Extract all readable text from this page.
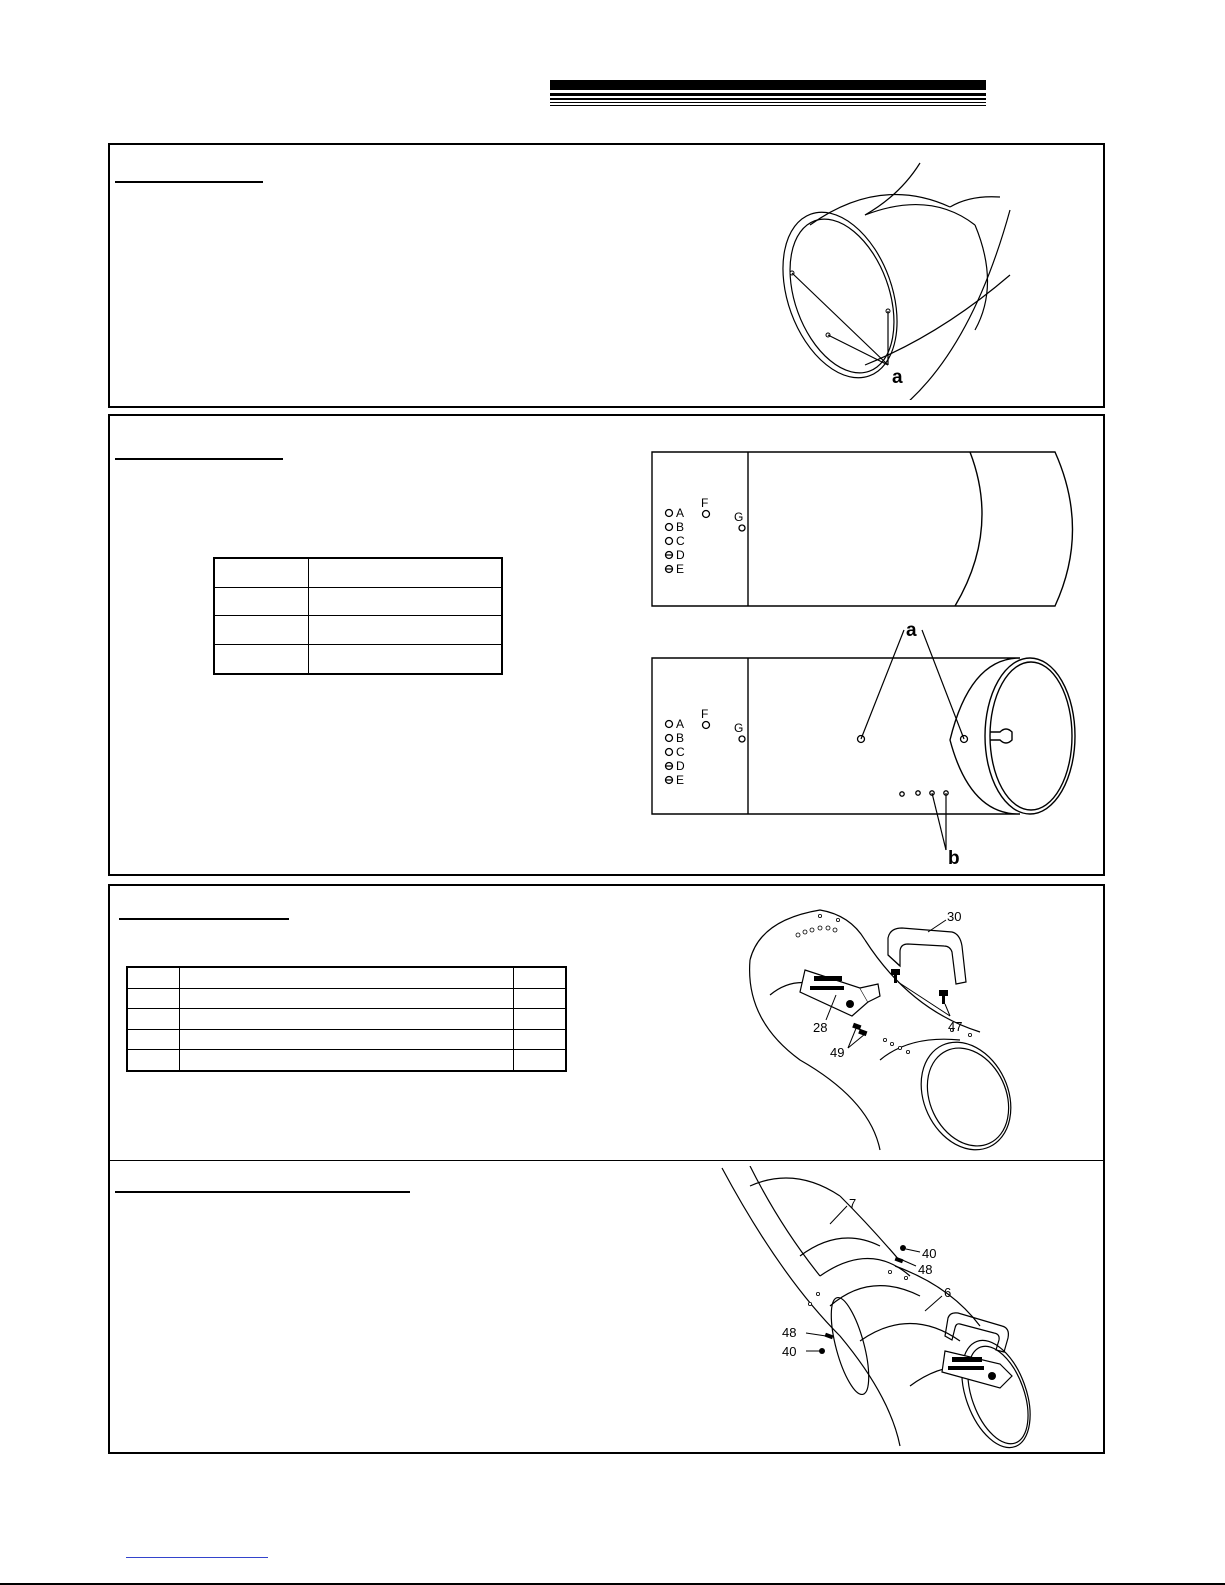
a

A
B
C
D
E
F
G
A
B
C
D
E
F
G
a
b

30
47
28
49
7
40
48
6
48
40
